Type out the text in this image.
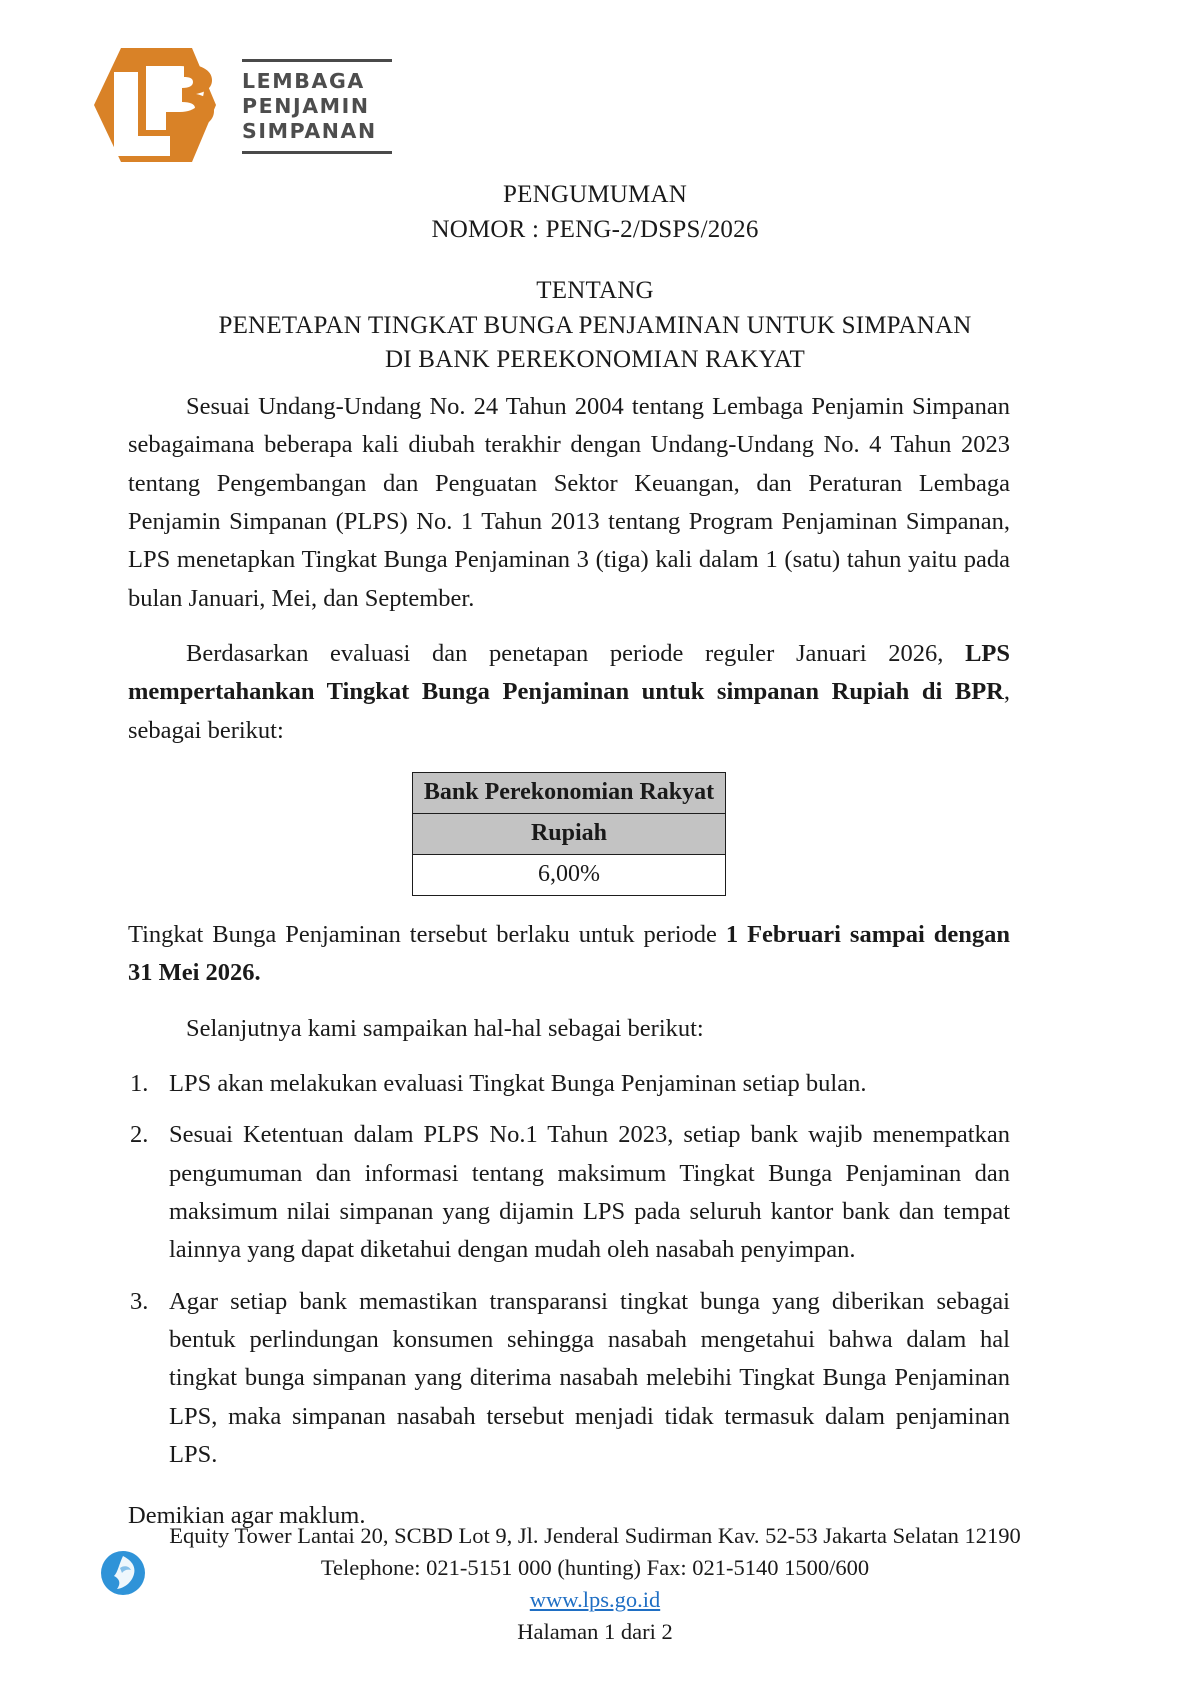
LEMBAGA
PENJAMIN
SIMPANAN
PENGUMUMAN
NOMOR : PENG-2/DSPS/2026
TENTANG
PENETAPAN TINGKAT BUNGA PENJAMINAN UNTUK SIMPANAN
DI BANK PEREKONOMIAN RAKYAT

Sesuai Undang-Undang No. 24 Tahun 2004 tentang Lembaga Penjamin Simpanan sebagaimana beberapa kali diubah terakhir dengan Undang-Undang No. 4 Tahun 2023 tentang Pengembangan dan Penguatan Sektor Keuangan, dan Peraturan Lembaga Penjamin Simpanan (PLPS) No. 1 Tahun 2013 tentang Program Penjaminan Simpanan, LPS menetapkan Tingkat Bunga Penjaminan 3 (tiga) kali dalam 1 (satu) tahun yaitu pada bulan Januari, Mei, dan September.

Berdasarkan evaluasi dan penetapan periode reguler Januari 2026, LPS mempertahankan Tingkat Bunga Penjaminan untuk simpanan Rupiah di BPR, sebagai berikut:

Bank Perekonomian Rakyat
Rupiah
6,00%

Tingkat Bunga Penjaminan tersebut berlaku untuk periode 1 Februari sampai dengan 31 Mei 2026.

Selanjutnya kami sampaikan hal-hal sebagai berikut:

LPS akan melakukan evaluasi Tingkat Bunga Penjaminan setiap bulan.
Sesuai Ketentuan dalam PLPS No.1 Tahun 2023, setiap bank wajib menempatkan pengumuman dan informasi tentang maksimum Tingkat Bunga Penjaminan dan maksimum nilai simpanan yang dijamin LPS pada seluruh kantor bank dan tempat lainnya yang dapat diketahui dengan mudah oleh nasabah penyimpan.
Agar setiap bank memastikan transparansi tingkat bunga yang diberikan sebagai bentuk perlindungan konsumen sehingga nasabah mengetahui bahwa dalam hal tingkat bunga simpanan yang diterima nasabah melebihi Tingkat Bunga Penjaminan LPS, maka simpanan nasabah tersebut menjadi tidak termasuk dalam penjaminan LPS.

Demikian agar maklum.

Equity Tower Lantai 20, SCBD Lot 9, Jl. Jenderal Sudirman Kav. 52-53 Jakarta Selatan 12190
Telephone: 021-5151 000 (hunting) Fax: 021-5140 1500/600
www.lps.go.id
Halaman 1 dari 2
